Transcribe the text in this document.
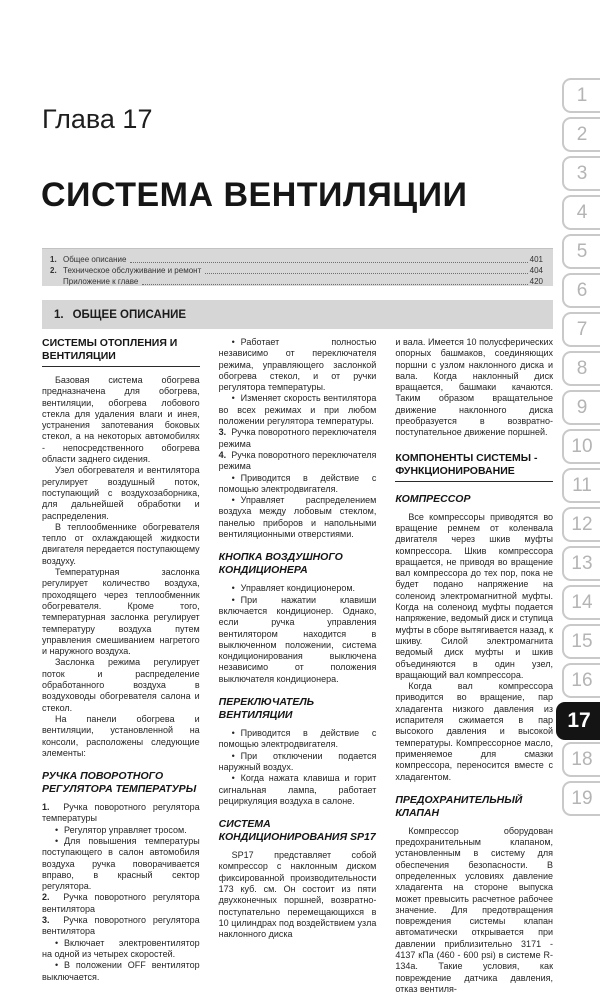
Глава 17
СИСТЕМА ВЕНТИЛЯЦИИ
1. Общее описание	401
2. Техническое обслуживание и ремонт	404
Приложение к главе	420
1. ОБЩЕЕ ОПИСАНИЕ
СИСТЕМЫ ОТОПЛЕНИЯ И ВЕНТИЛЯЦИИ

Базовая система обогрева предназначена для обогрева, вентиляции, обогрева лобового стекла для удаления влаги и инея, устранения запотевания боковых стекол, а на некоторых автомобилях - непосредственного обогрева области заднего сидения.

Узел обогревателя и вентилятора регулирует воздушный поток, поступающий с воздухозаборника, для дальнейшей обработки и распределения.

В теплообменнике обогревателя тепло от охлаждающей жидкости двигателя передается поступающему воздуху.

Температурная заслонка регулирует количество воздуха, проходящего через теплообменник обогревателя. Кроме того, температурная заслонка регулирует температуру воздуха путем управления смешиванием нагретого и наружного воздуха.

Заслонка режима регулирует поток и распределение обработанного воздуха в воздуховоды обогревателя салона и стекол.

На панели обогрева и вентиляции, установленной на консоли, расположены следующие элементы:

РУЧКА ПОВОРОТНОГО РЕГУЛЯТОРА ТЕМПЕРАТУРЫ

1.  Ручка поворотного регулятора температуры

• Регулятор управляет тросом.

• Для повышения температуры поступающего в салон автомобиля воздуха ручка поворачивается вправо, в красный сектор регулятора.

2.  Ручка поворотного регулятора вентилятора

3.  Ручка поворотного регулятора вентилятора

• Включает электровентилятор на одной из четырех скоростей.

• В положении OFF вентилятор выключается.

• Работает полностью независимо от переключателя режима, управляющего заслонкой обогрева стекол, и от ручки регулятора температуры.

• Изменяет скорость вентилятора во всех режимах и при любом положении регулятора температуры.

3.  Ручка поворотного переключателя режима

4.  Ручка поворотного переключателя режима

• Приводится в действие с помощью электродвигателя.

• Управляет распределением воздуха между лобовым стеклом, панелью приборов и напольными вентиляционными отверстиями.

КНОПКА ВОЗДУШНОГО КОНДИЦИОНЕРА

• Управляет кондиционером.

• При нажатии клавиши включается кондиционер. Однако, если ручка управления вентилятором находится в выключенном положении, система кондиционирования выключена независимо от положения выключателя кондиционера.

ПЕРЕКЛЮЧАТЕЛЬ ВЕНТИЛЯЦИИ

• Приводится в действие с помощью электродвигателя.

• При отключении подается наружный воздух.

• Когда нажата клавиша и горит сигнальная лампа, работает рециркуляция воздуха в салоне.

СИСТЕМА КОНДИЦИОНИРОВАНИЯ SP17

SP17 представляет собой компрессор с наклонным диском фиксированной производительности 173 куб. см. Он состоит из пяти двухконечных поршней, возвратно-поступательно перемещающихся в 10 цилиндрах под воздействием узла наклонного диска

и вала. Имеется 10 полусферических опорных башмаков, соединяющих поршни с узлом наклонного диска и вала. Когда наклонный диск вращается, башмаки качаются. Таким образом вращательное движение наклонного диска преобразуется в возвратно-поступательное движение поршней.

КОМПОНЕНТЫ СИСТЕМЫ - ФУНКЦИОНИРОВАНИЕ
КОМПРЕССОР

Все компрессоры приводятся во вращение ремнем от коленвала двигателя через шкив муфты компрессора. Шкив компрессора вращается, не приводя во вращение вал компрессора до тех пор, пока не будет подано напряжение на соленоид электромагнитной муфты. Когда на соленоид муфты подается напряжение, ведомый диск и ступица муфты в сборе вытягивается назад, к шкиву. Силой электромагнита ведомый диск муфты и шкив объединяются в один узел, вращающий вал компрессора.

Когда вал компрессора приводится во вращение, пар хладагента низкого давления из испарителя сжимается в пар высокого давления и высокой температуры. Компрессорное масло, применяемое для смазки компрессора, переносится вместе с хладагентом.

ПРЕДОХРАНИТЕЛЬНЫЙ КЛАПАН

Компрессор оборудован предохранительным клапаном, установленным в систему для обеспечения безопасности. В определенных условиях давление хладагента на стороне выпуска может превысить расчетное рабочее значение. Для предотвращения повреждения системы клапан автоматически открывается при давлении приблизительно 3171 - 4137 кПа (460 - 600 psi) в системе R-134a. Такие условия, как повреждение датчика давления, отказ вентиля-

1
2
3
4
5
6
7
8
9
10
11
12
13
14
15
16
17
18
19
